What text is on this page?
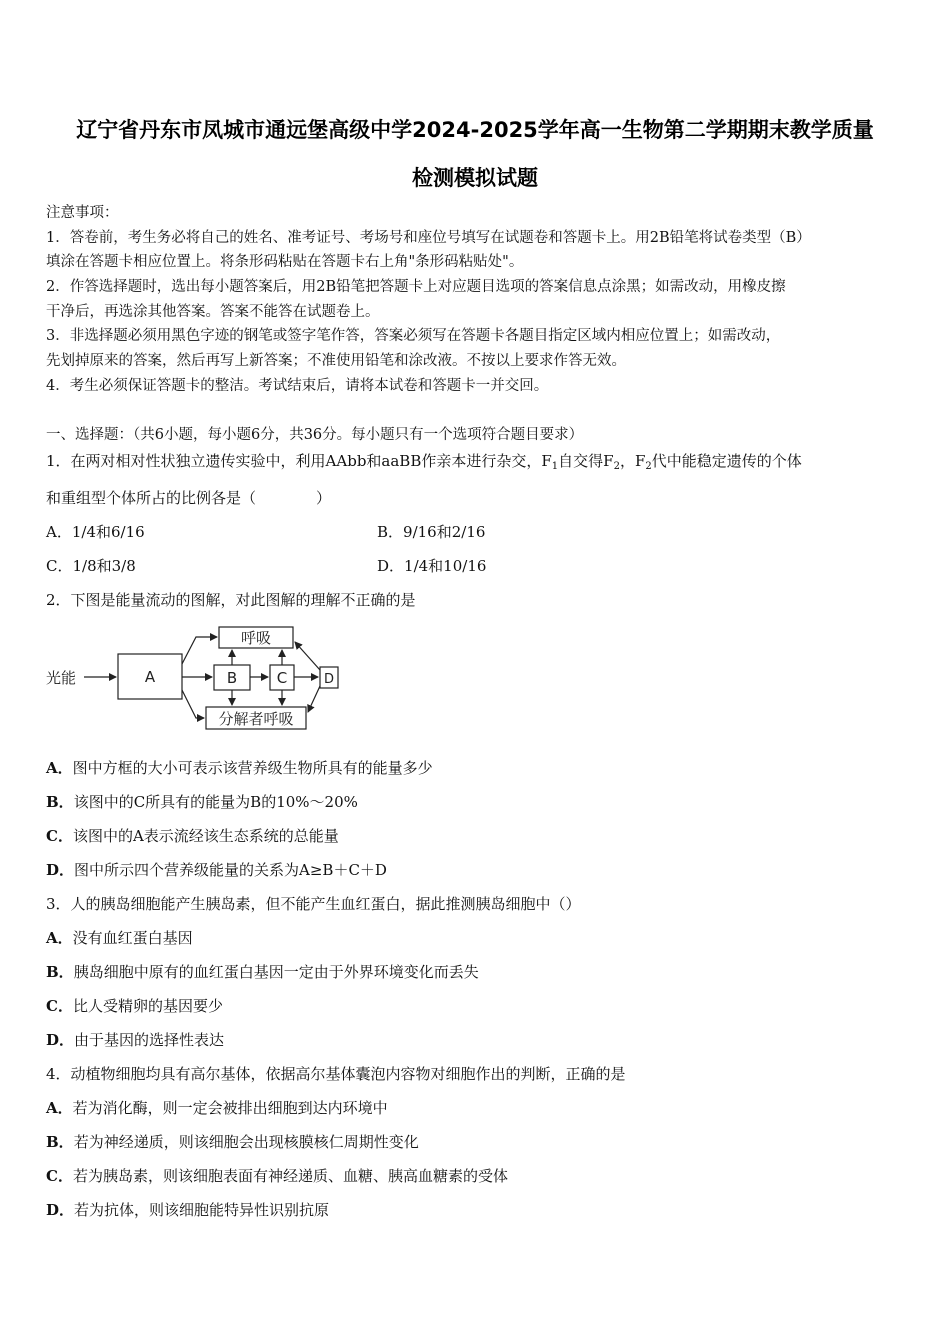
辽宁省丹东市凤城市通远堡高级中学2024-2025学年高一生物第二学期期末教学质量
检测模拟试题
注意事项：
1．答卷前，考生务必将自己的姓名、准考证号、考场号和座位号填写在试题卷和答题卡上。用2B铅笔将试卷类型（B）
填涂在答题卡相应位置上。将条形码粘贴在答题卡右上角"条形码粘贴处"。
2．作答选择题时，选出每小题答案后，用2B铅笔把答题卡上对应题目选项的答案信息点涂黑；如需改动，用橡皮擦
干净后，再选涂其他答案。答案不能答在试题卷上。
3．非选择题必须用黑色字迹的钢笔或签字笔作答，答案必须写在答题卡各题目指定区域内相应位置上；如需改动，
先划掉原来的答案，然后再写上新答案；不准使用铅笔和涂改液。不按以上要求作答无效。
4．考生必须保证答题卡的整洁。考试结束后，请将本试卷和答题卡一并交回。
一、选择题：（共6小题，每小题6分，共36分。每小题只有一个选项符合题目要求）
1．在两对相对性状独立遗传实验中，利用AAbb和aaBB作亲本进行杂交，$F_1$自交得$F_2$，$F_2$代中能稳定遗传的个体
和重组型个体所占的比例各是（　　　　）
A．1/4和6/16	B．9/16和2/16
C．1/8和3/8	D．1/4和10/16
2．下图是能量流动的图解，对此图解的理解不正确的是
光能	A	B	C	D
呼吸
分解者呼吸
A．图中方框的大小可表示该营养级生物所具有的能量多少
B．该图中的C所具有的能量为B的10%～20%
C．该图中的A表示流经该生态系统的总能量
D．图中所示四个营养级能量的关系为A≥B＋C＋D
3．人的胰岛细胞能产生胰岛素，但不能产生血红蛋白，据此推测胰岛细胞中（）
A．没有血红蛋白基因
B．胰岛细胞中原有的血红蛋白基因一定由于外界环境变化而丢失
C．比人受精卵的基因要少
D．由于基因的选择性表达
4．动植物细胞均具有高尔基体，依据高尔基体囊泡内容物对细胞作出的判断，正确的是
A．若为消化酶，则一定会被排出细胞到达内环境中
B．若为神经递质，则该细胞会出现核膜核仁周期性变化
C．若为胰岛素，则该细胞表面有神经递质、血糖、胰高血糖素的受体
D．若为抗体，则该细胞能特异性识别抗原
